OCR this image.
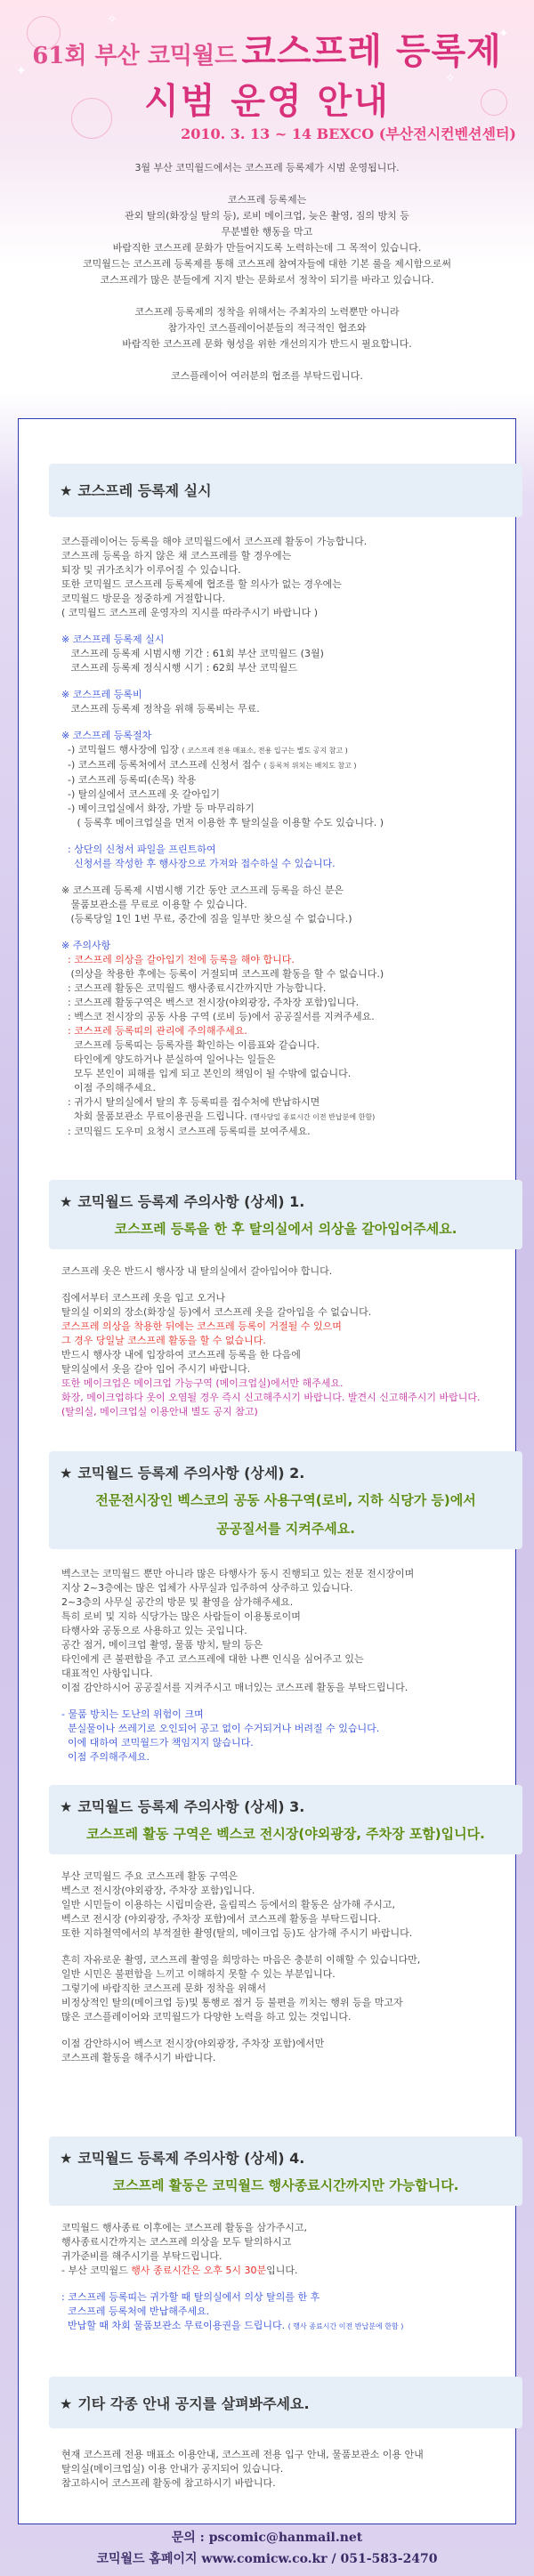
✦
✦
✧
✧
61회 부산 코믹월드 코스프레 등록제
시범 운영 안내
2010. 3. 13 ~ 14 BEXCO (부산전시컨벤션센터)

3월 부산 코믹월드에서는 코스프레 등록제가 시범 운영됩니다.

코스프레 등록제는
관외 탈의(화장실 탈의 등), 로비 메이크업, 늦은 촬영, 짐의 방치 등
무분별한 행동을 막고
바람직한 코스프레 문화가 만들어지도록 노력하는데 그 목적이 있습니다.
코믹월드는 코스프레 등록제를 통해 코스프레 참여자들에 대한 기본 룰을 제시함으로써
코스프레가 많은 분들에게 지지 받는 문화로서 정착이 되기를 바라고 있습니다.

코스프레 등록제의 정착을 위해서는 주최자의 노력뿐만 아니라
참가자인 코스플레이어분들의 적극적인 협조와
바람직한 코스프레 문화 형성을 위한 개선의지가 반드시 필요합니다.

코스플레이어 여러분의 협조를 부탁드립니다.

★ 코스프레 등록제 실시
코스플레이어는 등록을 해야 코믹월드에서 코스프레 활동이 가능합니다.
코스프레 등록을 하지 않은 채 코스프레를 할 경우에는
퇴장 및 귀가조치가 이루어질 수 있습니다.
또한 코믹월드 코스프레 등록제에 협조를 할 의사가 없는 경우에는
코믹월드 방문을 정중하게 거절합니다.
( 코믹월드 코스프레 운영자의 지시를 따라주시기 바랍니다 )
※ 코스프레 등록제 실시
코스프레 등록제 시범시행 기간 : 61회 부산 코믹월드 (3월)
코스프레 등록제 정식시행 시기 : 62회 부산 코믹월드
※ 코스프레 등록비
코스프레 등록제 정착을 위해 등록비는 무료.
※ 코스프레 등록절차
-) 코믹월드 행사장에 입장 ( 코스프레 전용 매표소, 전용 입구는 별도 공지 참고 )
-) 코스프레 등록처에서 코스프레 신청서 접수 ( 등록처 위치는 배치도 참고 )
-) 코스프레 등록띠(손목) 착용
-) 탈의실에서 코스프레 옷 갈아입기
-) 메이크업실에서 화장, 가발 등 마무리하기
( 등록후 메이크업실을 먼저 이용한 후 탈의실을 이용할 수도 있습니다. )
: 상단의 신청서 파일을 프린트하여
신청서를 작성한 후 행사장으로 가져와 접수하실 수 있습니다.
※ 코스프레 등록제 시범시행 기간 동안 코스프레 등록을 하신 분은
물품보관소를 무료로 이용할 수 있습니다.
(등록당일 1인 1번 무료, 중간에 짐을 일부만 찾으실 수 없습니다.)
※ 주의사항
: 코스프레 의상을 갈아입기 전에 등록을 해야 합니다.
(의상을 착용한 후에는 등록이 거절되며 코스프레 활동을 할 수 없습니다.)
: 코스프레 활동은 코믹월드 행사종료시간까지만 가능합니다.
: 코스프레 활동구역은 벡스코 전시장(야외광장, 주차장 포함)입니다.
: 벡스코 전시장의 공동 사용 구역 (로비 등)에서 공공질서를 지켜주세요.
: 코스프레 등록띠의 관리에 주의해주세요.
코스프레 등록띠는 등록자를 확인하는 이름표와 같습니다.
타인에게 양도하거나 분실하여 일어나는 일들은
모두 본인이 피해를 입게 되고 본인의 책임이 될 수밖에 없습니다.
이점 주의해주세요.
: 귀가시 탈의실에서 탈의 후 등록띠를 접수처에 반납하시면
차회 물품보관소 무료이용권을 드립니다. (행사당일 종료시간 이전 반납분에 한함)
: 코믹월드 도우미 요청시 코스프레 등록띠를 보여주세요.
★ 코믹월드 등록제 주의사항 (상세) 1.
코스프레 등록을 한 후 탈의실에서 의상을 갈아입어주세요.
코스프레 옷은 반드시 행사장 내 탈의실에서 갈아입어야 합니다.
집에서부터 코스프레 옷을 입고 오거나
탈의실 이외의 장소(화장실 등)에서 코스프레 옷을 갈아입을 수 없습니다.
코스프레 의상을 착용한 뒤에는 코스프레 등록이 거절될 수 있으며
그 경우 당일날 코스프레 활동을 할 수 없습니다.
반드시 행사장 내에 입장하여 코스프레 등록을 한 다음에
탈의실에서 옷을 갈아 입어 주시기 바랍니다.
또한 메이크업은 메이크업 가능구역 (메이크업실)에서만 해주세요.
화장, 메이크업하다 옷이 오염될 경우 즉시 신고해주시기 바랍니다. 발견시 신고해주시기 바랍니다.
(탈의실, 메이크업실 이용안내 별도 공지 참고)
★ 코믹월드 등록제 주의사항 (상세) 2.
전문전시장인 벡스코의 공동 사용구역(로비, 지하 식당가 등)에서
공공질서를 지켜주세요.
벡스코는 코믹월드 뿐만 아니라 많은 타행사가 동시 진행되고 있는 전문 전시장이며
지상 2~3층에는 많은 업체가 사무실과 입주하여 상주하고 있습니다.
2~3층의 사무실 공간의 방문 및 촬영을 삼가해주세요.
특히 로비 및 지하 식당가는 많은 사람들이 이용통로이며
타행사와 공동으로 사용하고 있는 곳입니다.
공간 점거, 메이크업 촬영, 물품 방치, 탈의 등은
타인에게 큰 불편함을 주고 코스프레에 대한 나쁜 인식을 심어주고 있는
대표적인 사항입니다.
이점 감안하시어 공공질서를 지켜주시고 매너있는 코스프레 활동을 부탁드립니다.
- 물품 방치는 도난의 위험이 크며
분실물이나 쓰레기로 오인되어 공고 없이 수거되거나 버려질 수 있습니다.
이에 대하여 코믹월드가 책임지지 않습니다.
이점 주의해주세요.
★ 코믹월드 등록제 주의사항 (상세) 3.
코스프레 활동 구역은 벡스코 전시장(야외광장, 주차장 포함)입니다.
부산 코믹월드 주요 코스프레 활동 구역은
벡스코 전시장(야외광장, 주차장 포함)입니다.
일반 시민들이 이용하는 시립미술관, 올림픽스 등에서의 활동은 삼가해 주시고,
벡스코 전시장 (야외광장, 주차장 포함)에서 코스프레 활동을 부탁드립니다.
또한 지하철역에서의 부적절한 촬영(탈의, 메이크업 등)도 삼가해 주시기 바랍니다.
흔히 자유로운 촬영, 코스프레 촬영을 희망하는 마음은 충분히 이해할 수 있습니다만,
일반 시민은 불편함을 느끼고 이해하지 못할 수 있는 부분입니다.
그렇기에 바람직한 코스프레 문화 정착을 위해서
비정상적인 탈의(메이크업 등)및 통행로 점거 등 불편을 끼치는 행위 등을 막고자
많은 코스플레이어와 코믹월드가 다양한 노력을 하고 있는 것입니다.
이점 감안하시어 벡스코 전시장(야외광장, 주차장 포함)에서만
코스프레 활동을 해주시기 바랍니다.
★ 코믹월드 등록제 주의사항 (상세) 4.
코스프레 활동은 코믹월드 행사종료시간까지만 가능합니다.
코믹월드 행사종료 이후에는 코스프레 활동을 삼가주시고,
행사종료시간까지는 코스프레 의상을 모두 탈의하시고
귀가준비를 해주시기를 부탁드립니다.
- 부산 코믹월드 행사 종료시간은 오후 5시 30분입니다.
: 코스프레 등록띠는 귀가할 때 탈의실에서 의상 탈의를 한 후
코스프레 등록처에 반납해주세요.
반납할 때 차회 물품보관소 무료이용권을 드립니다. ( 행사 종료시간 이전 반납분에 한함 )
★ 기타 각종 안내 공지를 살펴봐주세요.
현재 코스프레 전용 매표소 이용안내, 코스프레 전용 입구 안내, 물품보관소 이용 안내
탈의실(메이크업실) 이용 안내가 공지되어 있습니다.
참고하시어 코스프레 활동에 참고하시기 바랍니다.
문의 : pscomic@hanmail.net
코믹월드 홈페이지 www.comicw.co.kr / 051-583-2470
